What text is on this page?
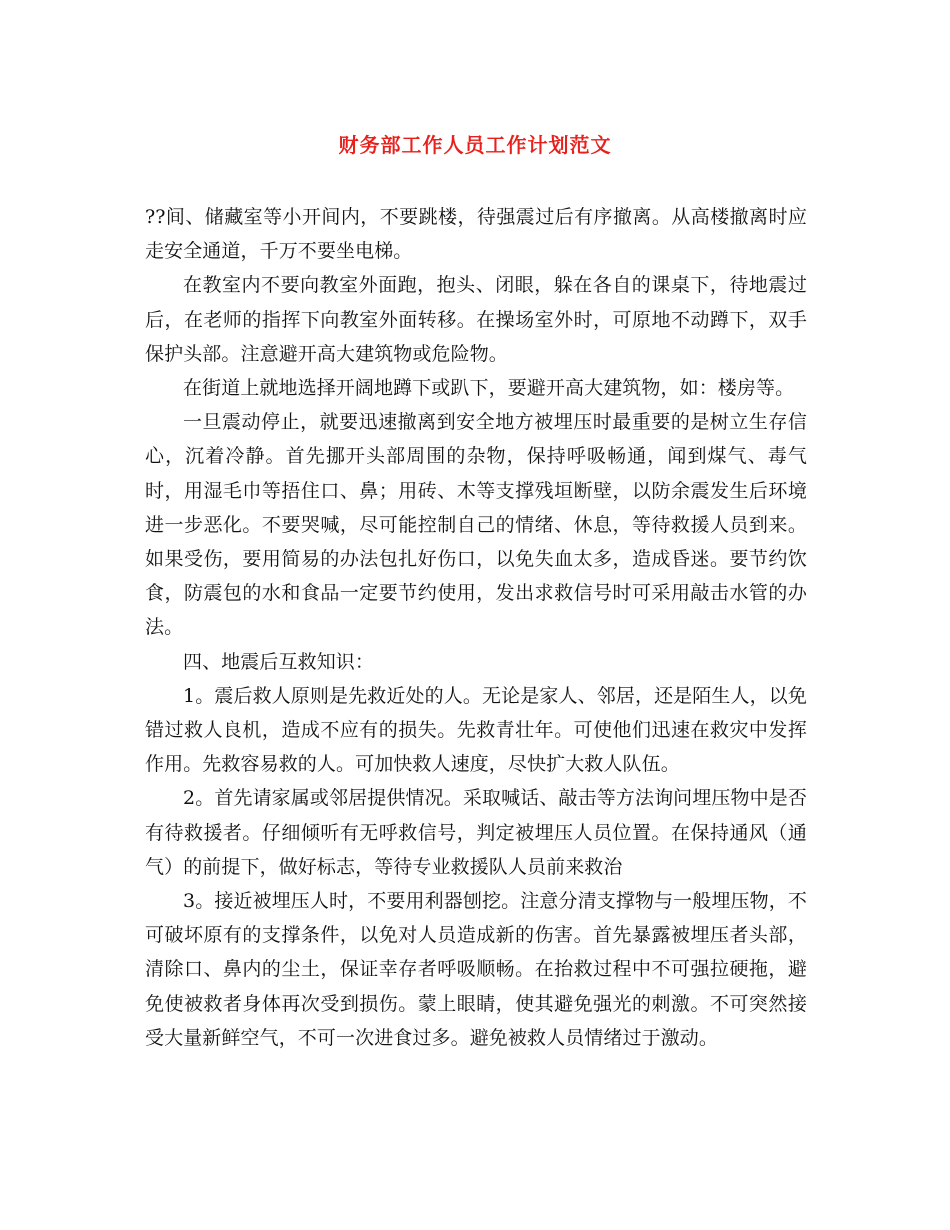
财务部工作人员工作计划范文

??间、储藏室等小开间内，不要跳楼，待强震过后有序撤离。从高楼撤离时应走安全通道，千万不要坐电梯。

在教室内不要向教室外面跑，抱头、闭眼，躲在各自的课桌下，待地震过后，在老师的指挥下向教室外面转移。在操场室外时，可原地不动蹲下，双手保护头部。注意避开高大建筑物或危险物。

在街道上就地选择开阔地蹲下或趴下，要避开高大建筑物，如：楼房等。

一旦震动停止，就要迅速撤离到安全地方被埋压时最重要的是树立生存信心，沉着冷静。首先挪开头部周围的杂物，保持呼吸畅通，闻到煤气、毒气时，用湿毛巾等捂住口、鼻；用砖、木等支撑残垣断壁，以防余震发生后环境进一步恶化。不要哭喊，尽可能控制自己的情绪、休息，等待救援人员到来。如果受伤，要用简易的办法包扎好伤口，以免失血太多，造成昏迷。要节约饮食，防震包的水和食品一定要节约使用，发出求救信号时可采用敲击水管的办法。

四、地震后互救知识：

1。震后救人原则是先救近处的人。无论是家人、邻居，还是陌生人，以免错过救人良机，造成不应有的损失。先救青壮年。可使他们迅速在救灾中发挥作用。先救容易救的人。可加快救人速度，尽快扩大救人队伍。

2。首先请家属或邻居提供情况。采取喊话、敲击等方法询问埋压物中是否有待救援者。仔细倾听有无呼救信号，判定被埋压人员位置。在保持通风（通气）的前提下，做好标志，等待专业救援队人员前来救治

3。接近被埋压人时，不要用利器刨挖。注意分清支撑物与一般埋压物，不可破坏原有的支撑条件，以免对人员造成新的伤害。首先暴露被埋压者头部，清除口、鼻内的尘土，保证幸存者呼吸顺畅。在抬救过程中不可强拉硬拖，避免使被救者身体再次受到损伤。蒙上眼睛，使其避免强光的刺激。不可突然接受大量新鲜空气，不可一次进食过多。避免被救人员情绪过于激动。
